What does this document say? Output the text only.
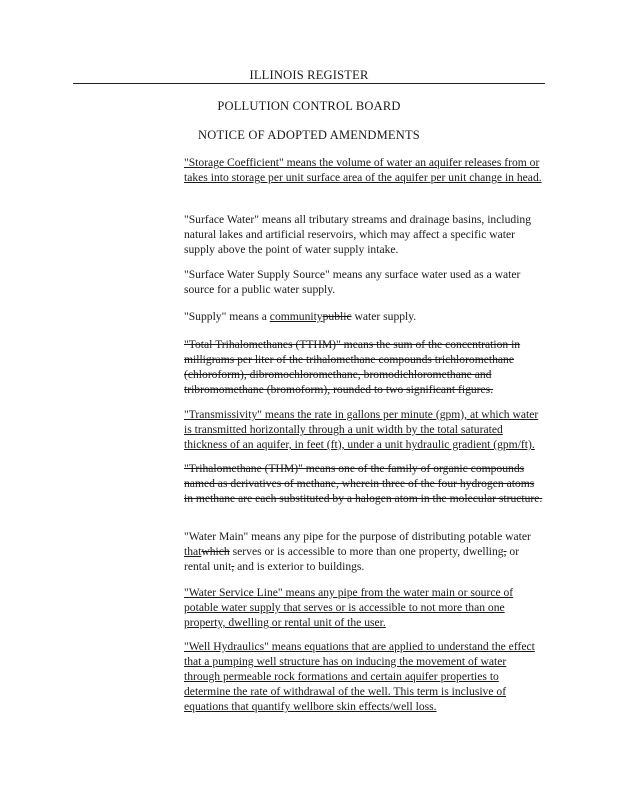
ILLINOIS REGISTER
POLLUTION CONTROL BOARD
NOTICE OF ADOPTED AMENDMENTS

"Storage Coefficient" means the volume of water an aquifer releases from or takes into storage per unit surface area of the aquifer per unit change in head.

"Surface Water" means all tributary streams and drainage basins, including natural lakes and artificial reservoirs, which may affect a specific water supply above the point of water supply intake.

"Surface Water Supply Source" means any surface water used as a water source for a public water supply.

"Supply" means a communitypublic water supply.

"Total Trihalomethanes (TTHM)" means the sum of the concentration in milligrams per liter of the trihalomethane compounds trichloromethane (chloroform), dibromochloromethane, bromodichloromethane and tribromomethane (bromoform), rounded to two significant figures.

"Transmissivity" means the rate in gallons per minute (gpm), at which water is transmitted horizontally through a unit width by the total saturated thickness of an aquifer, in feet (ft), under a unit hydraulic gradient (gpm/ft).

"Trihalomethane (THM)" means one of the family of organic compounds named as derivatives of methane, wherein three of the four hydrogen atoms in methane are each substituted by a halogen atom in the molecular structure.

"Water Main" means any pipe for the purpose of distributing potable water thatwhich serves or is accessible to more than one property, dwelling, or rental unit, and is exterior to buildings.

"Water Service Line" means any pipe from the water main or source of potable water supply that serves or is accessible to not more than one property, dwelling or rental unit of the user.

"Well Hydraulics" means equations that are applied to understand the effect that a pumping well structure has on inducing the movement of water through permeable rock formations and certain aquifer properties to determine the rate of withdrawal of the well. This term is inclusive of equations that quantify wellbore skin effects/well loss.
